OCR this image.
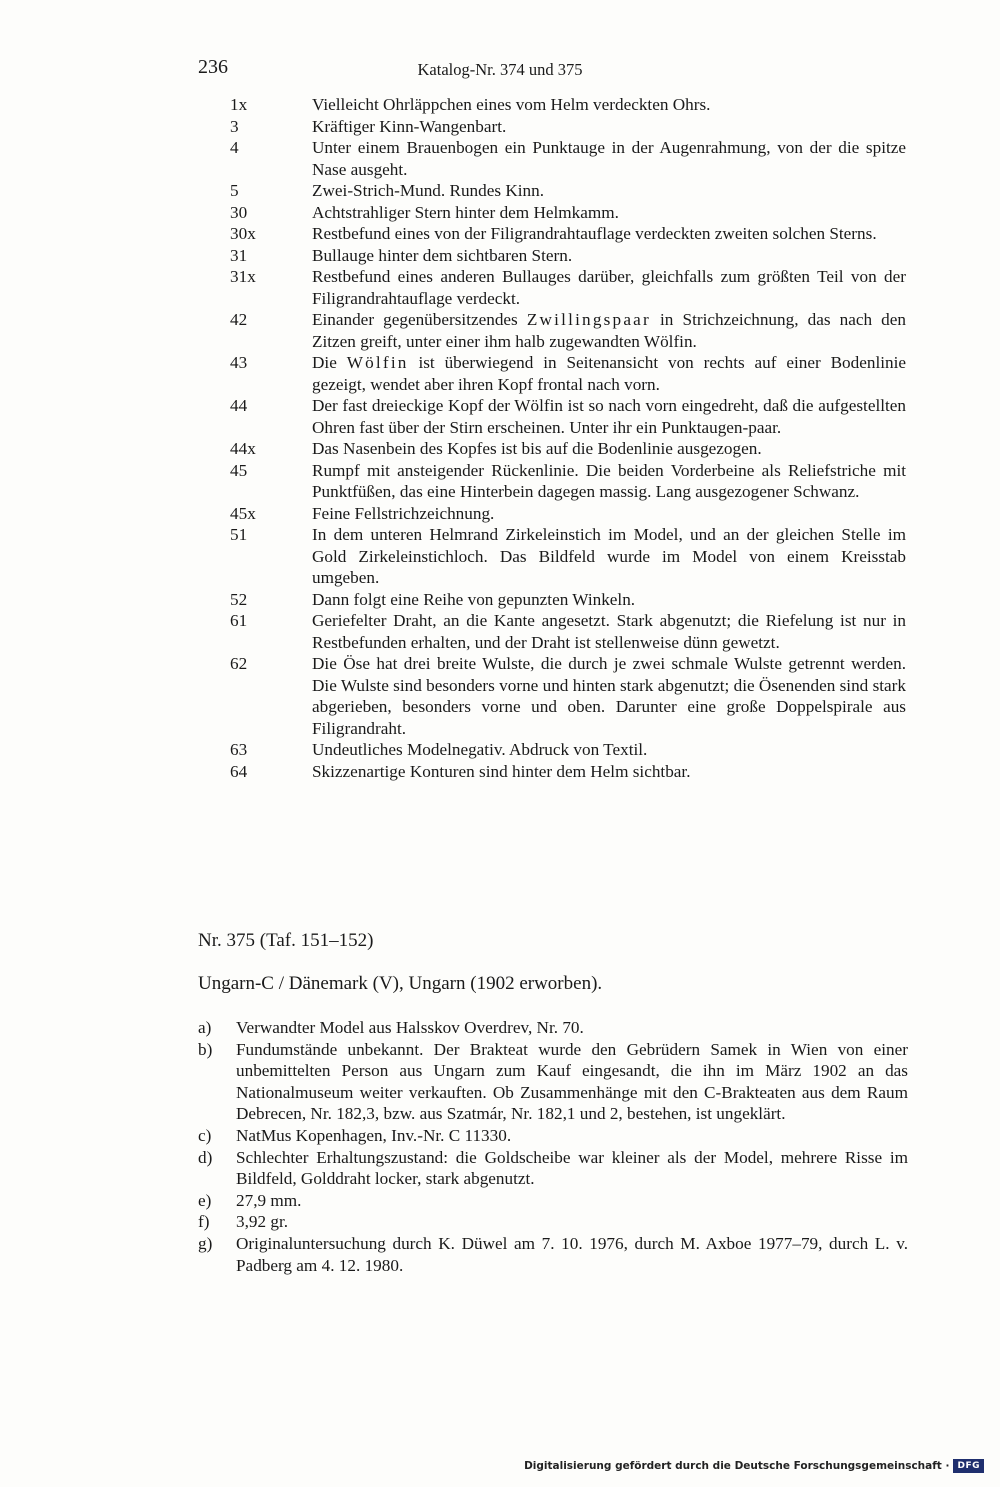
236	Katalog-Nr. 374 und 375
1x	Vielleicht Ohrläppchen eines vom Helm verdeckten Ohrs.
3	Kräftiger Kinn-Wangenbart.
4	Unter einem Brauenbogen ein Punktauge in der Augenrahmung, von der die spitze Nase ausgeht.
5	Zwei-Strich-Mund. Rundes Kinn.
30	Achtstrahliger Stern hinter dem Helmkamm.
30x	Restbefund eines von der Filigrandrahtauflage verdeckten zweiten solchen Sterns.
31	Bullauge hinter dem sichtbaren Stern.
31x	Restbefund eines anderen Bullauges darüber, gleichfalls zum größten Teil von der Filigrandrahtauflage verdeckt.
42	Einander gegenübersitzendes Zwillingspaar in Strichzeichnung, das nach den Zitzen greift, unter einer ihm halb zugewandten Wölfin.
43	Die Wölfin ist überwiegend in Seitenansicht von rechts auf einer Bodenlinie gezeigt, wendet aber ihren Kopf frontal nach vorn.
44	Der fast dreieckige Kopf der Wölfin ist so nach vorn eingedreht, daß die aufgestellten Ohren fast über der Stirn erscheinen. Unter ihr ein Punktaugen-paar.
44x	Das Nasenbein des Kopfes ist bis auf die Bodenlinie ausgezogen.
45	Rumpf mit ansteigender Rückenlinie. Die beiden Vorderbeine als Reliefstriche mit Punktfüßen, das eine Hinterbein dagegen massig. Lang ausgezogener Schwanz.
45x	Feine Fellstrichzeichnung.
51	In dem unteren Helmrand Zirkeleinstich im Model, und an der gleichen Stelle im Gold Zirkeleinstichloch. Das Bildfeld wurde im Model von einem Kreisstab umgeben.
52	Dann folgt eine Reihe von gepunzten Winkeln.
61	Geriefelter Draht, an die Kante angesetzt. Stark abgenutzt; die Riefelung ist nur in Restbefunden erhalten, und der Draht ist stellenweise dünn gewetzt.
62	Die Öse hat drei breite Wulste, die durch je zwei schmale Wulste getrennt werden. Die Wulste sind besonders vorne und hinten stark abgenutzt; die Ösenenden sind stark abgerieben, besonders vorne und oben. Darunter eine große Doppelspirale aus Filigrandraht.
63	Undeutliches Modelnegativ. Abdruck von Textil.
64	Skizzenartige Konturen sind hinter dem Helm sichtbar.
Nr. 375 (Taf. 151–152)
Ungarn-C / Dänemark (V), Ungarn (1902 erworben).
a)	Verwandter Model aus Halsskov Overdrev, Nr. 70.
b)	Fundumstände unbekannt. Der Brakteat wurde den Gebrüdern Samek in Wien von einer unbemittelten Person aus Ungarn zum Kauf eingesandt, die ihn im März 1902 an das Nationalmuseum weiter verkauften. Ob Zusammenhänge mit den C-Brakteaten aus dem Raum Debrecen, Nr. 182,3, bzw. aus Szatmár, Nr. 182,1 und 2, bestehen, ist ungeklärt.
c)	NatMus Kopenhagen, Inv.-Nr. C 11330.
d)	Schlechter Erhaltungszustand: die Goldscheibe war kleiner als der Model, mehrere Risse im Bildfeld, Golddraht locker, stark abgenutzt.
e)	27,9 mm.
f)	3,92 gr.
g)	Originaluntersuchung durch K. Düwel am 7. 10. 1976, durch M. Axboe 1977–79, durch L. v. Padberg am 4. 12. 1980.
Digitalisierung gefördert durch die Deutsche Forschungsgemeinschaft · DFG
